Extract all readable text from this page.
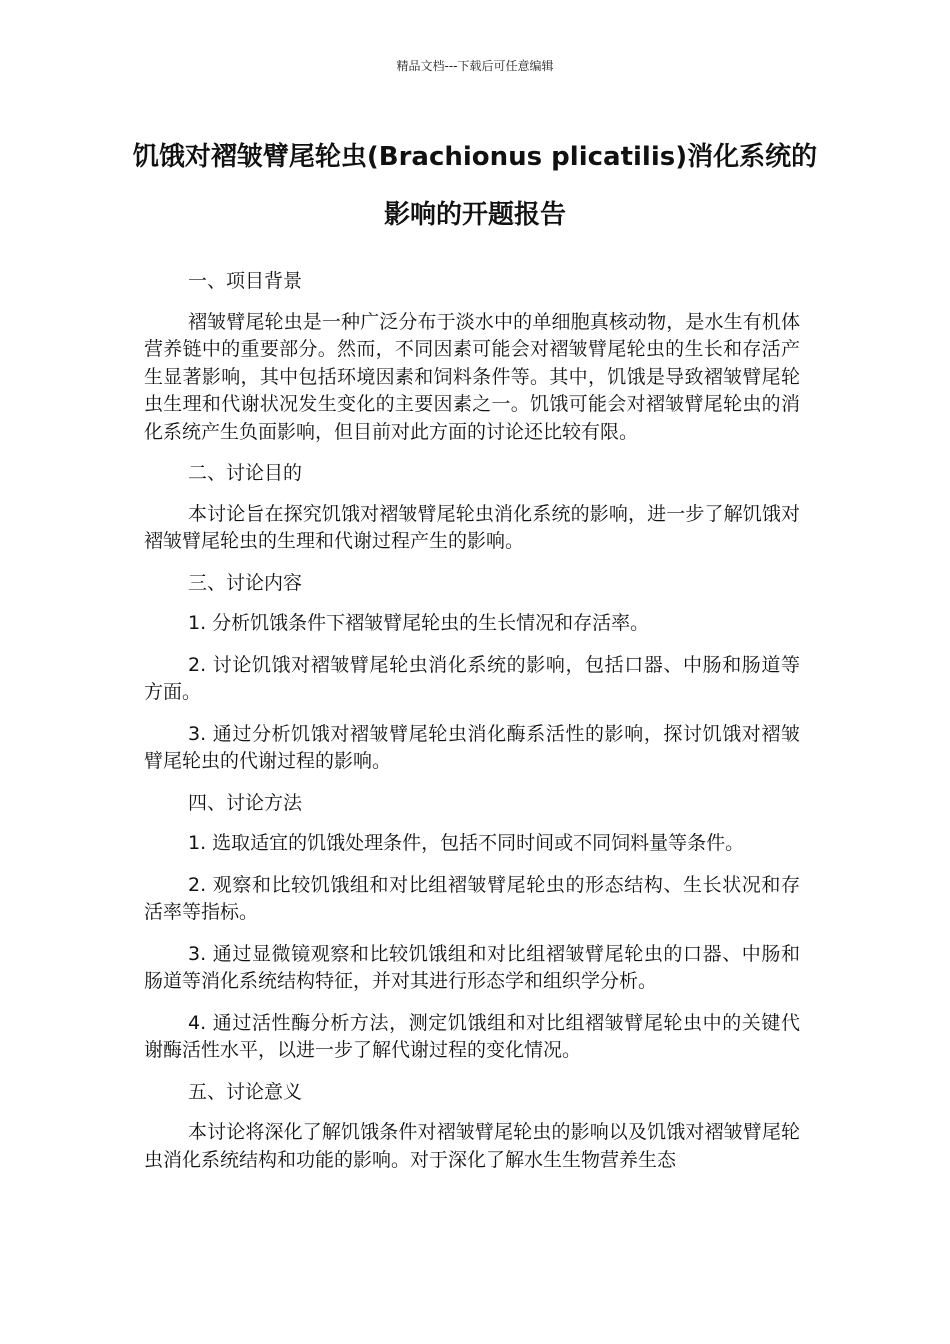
精品文档---下载后可任意编辑
饥饿对褶皱臂尾轮虫(Brachionus plicatilis)消化系统的影响的开题报告

一、项目背景

褶皱臂尾轮虫是一种广泛分布于淡水中的单细胞真核动物，是水生有机体营养链中的重要部分。然而，不同因素可能会对褶皱臂尾轮虫的生长和存活产生显著影响，其中包括环境因素和饲料条件等。其中，饥饿是导致褶皱臂尾轮虫生理和代谢状况发生变化的主要因素之一。饥饿可能会对褶皱臂尾轮虫的消化系统产生负面影响，但目前对此方面的讨论还比较有限。

二、讨论目的

本讨论旨在探究饥饿对褶皱臂尾轮虫消化系统的影响，进一步了解饥饿对褶皱臂尾轮虫的生理和代谢过程产生的影响。

三、讨论内容

1. 分析饥饿条件下褶皱臂尾轮虫的生长情况和存活率。

2. 讨论饥饿对褶皱臂尾轮虫消化系统的影响，包括口器、中肠和肠道等方面。

3. 通过分析饥饿对褶皱臂尾轮虫消化酶系活性的影响，探讨饥饿对褶皱臂尾轮虫的代谢过程的影响。

四、讨论方法

1. 选取适宜的饥饿处理条件，包括不同时间或不同饲料量等条件。

2. 观察和比较饥饿组和对比组褶皱臂尾轮虫的形态结构、生长状况和存活率等指标。

3. 通过显微镜观察和比较饥饿组和对比组褶皱臂尾轮虫的口器、中肠和肠道等消化系统结构特征，并对其进行形态学和组织学分析。

4. 通过活性酶分析方法，测定饥饿组和对比组褶皱臂尾轮虫中的关键代谢酶活性水平，以进一步了解代谢过程的变化情况。

五、讨论意义

本讨论将深化了解饥饿条件对褶皱臂尾轮虫的影响以及饥饿对褶皱臂尾轮虫消化系统结构和功能的影响。对于深化了解水生生物营养生态
